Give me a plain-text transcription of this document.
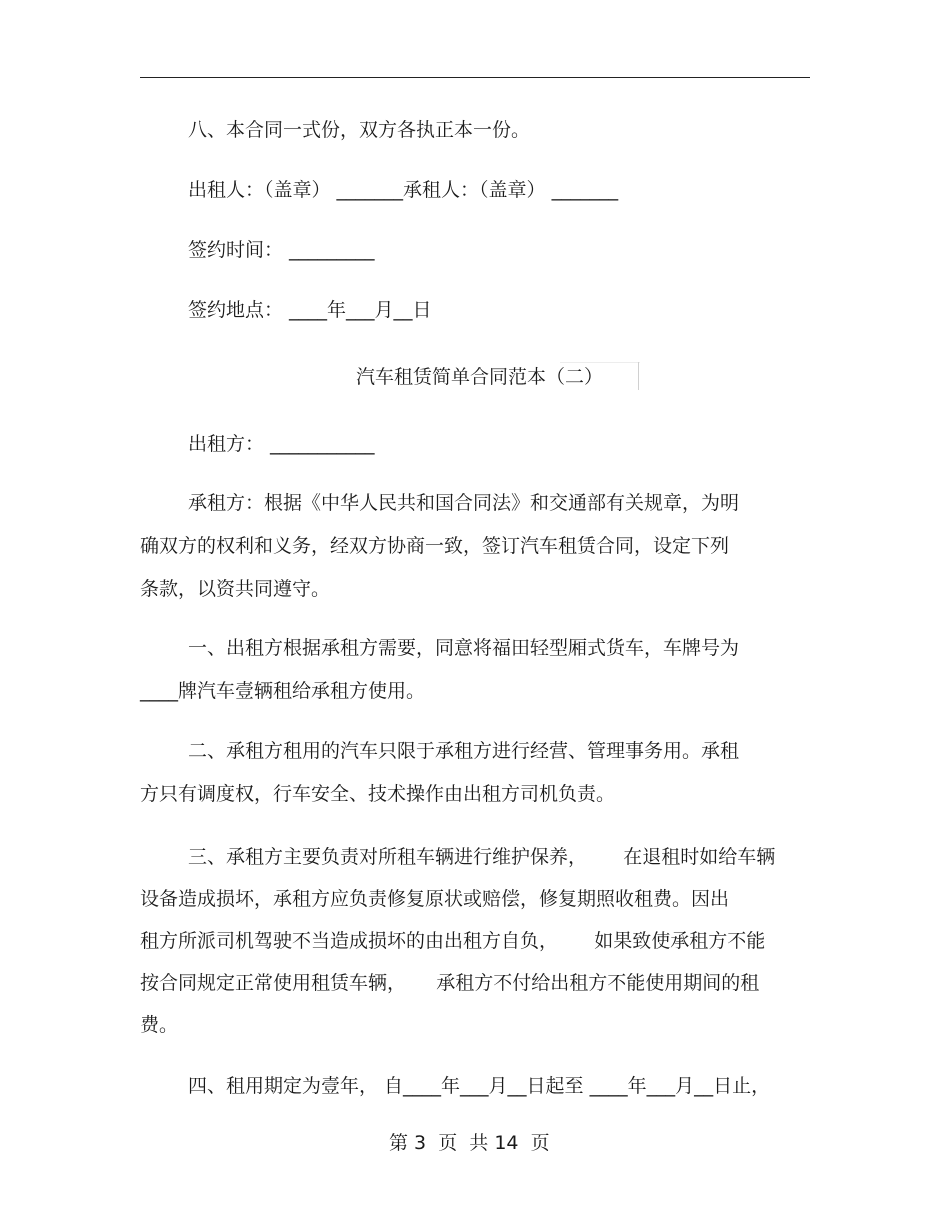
八、本合同一式份，双方各执正本一份。
出租人：（盖章） _______承租人：（盖章） _______
签约时间： _________
签约地点： ____年___月__日
汽车租赁简单合同范本（二）
出租方： ___________
承租方：根据《中华人民共和国合同法》和交通部有关规章，为明
确双方的权利和义务，经双方协商一致，签订汽车租赁合同，设定下列
条款，以资共同遵守。
一、出租方根据承租方需要，同意将福田轻型厢式货车，车牌号为
____牌汽车壹辆租给承租方使用。
二、承租方租用的汽车只限于承租方进行经营、管理事务用。承租
方只有调度权，行车安全、技术操作由出租方司机负责。
三、承租方主要负责对所租车辆进行维护保养，      在退租时如给车辆
设备造成损坏，承租方应负责修复原状或赔偿，修复期照收租费。因出
租方所派司机驾驶不当造成损坏的由出租方自负，      如果致使承租方不能
按合同规定正常使用租赁车辆，     承租方不付给出租方不能使用期间的租
费。
四、租用期定为壹年， 自____年___月__日起至 ____年___月__日止，
第 3  页  共 14  页
